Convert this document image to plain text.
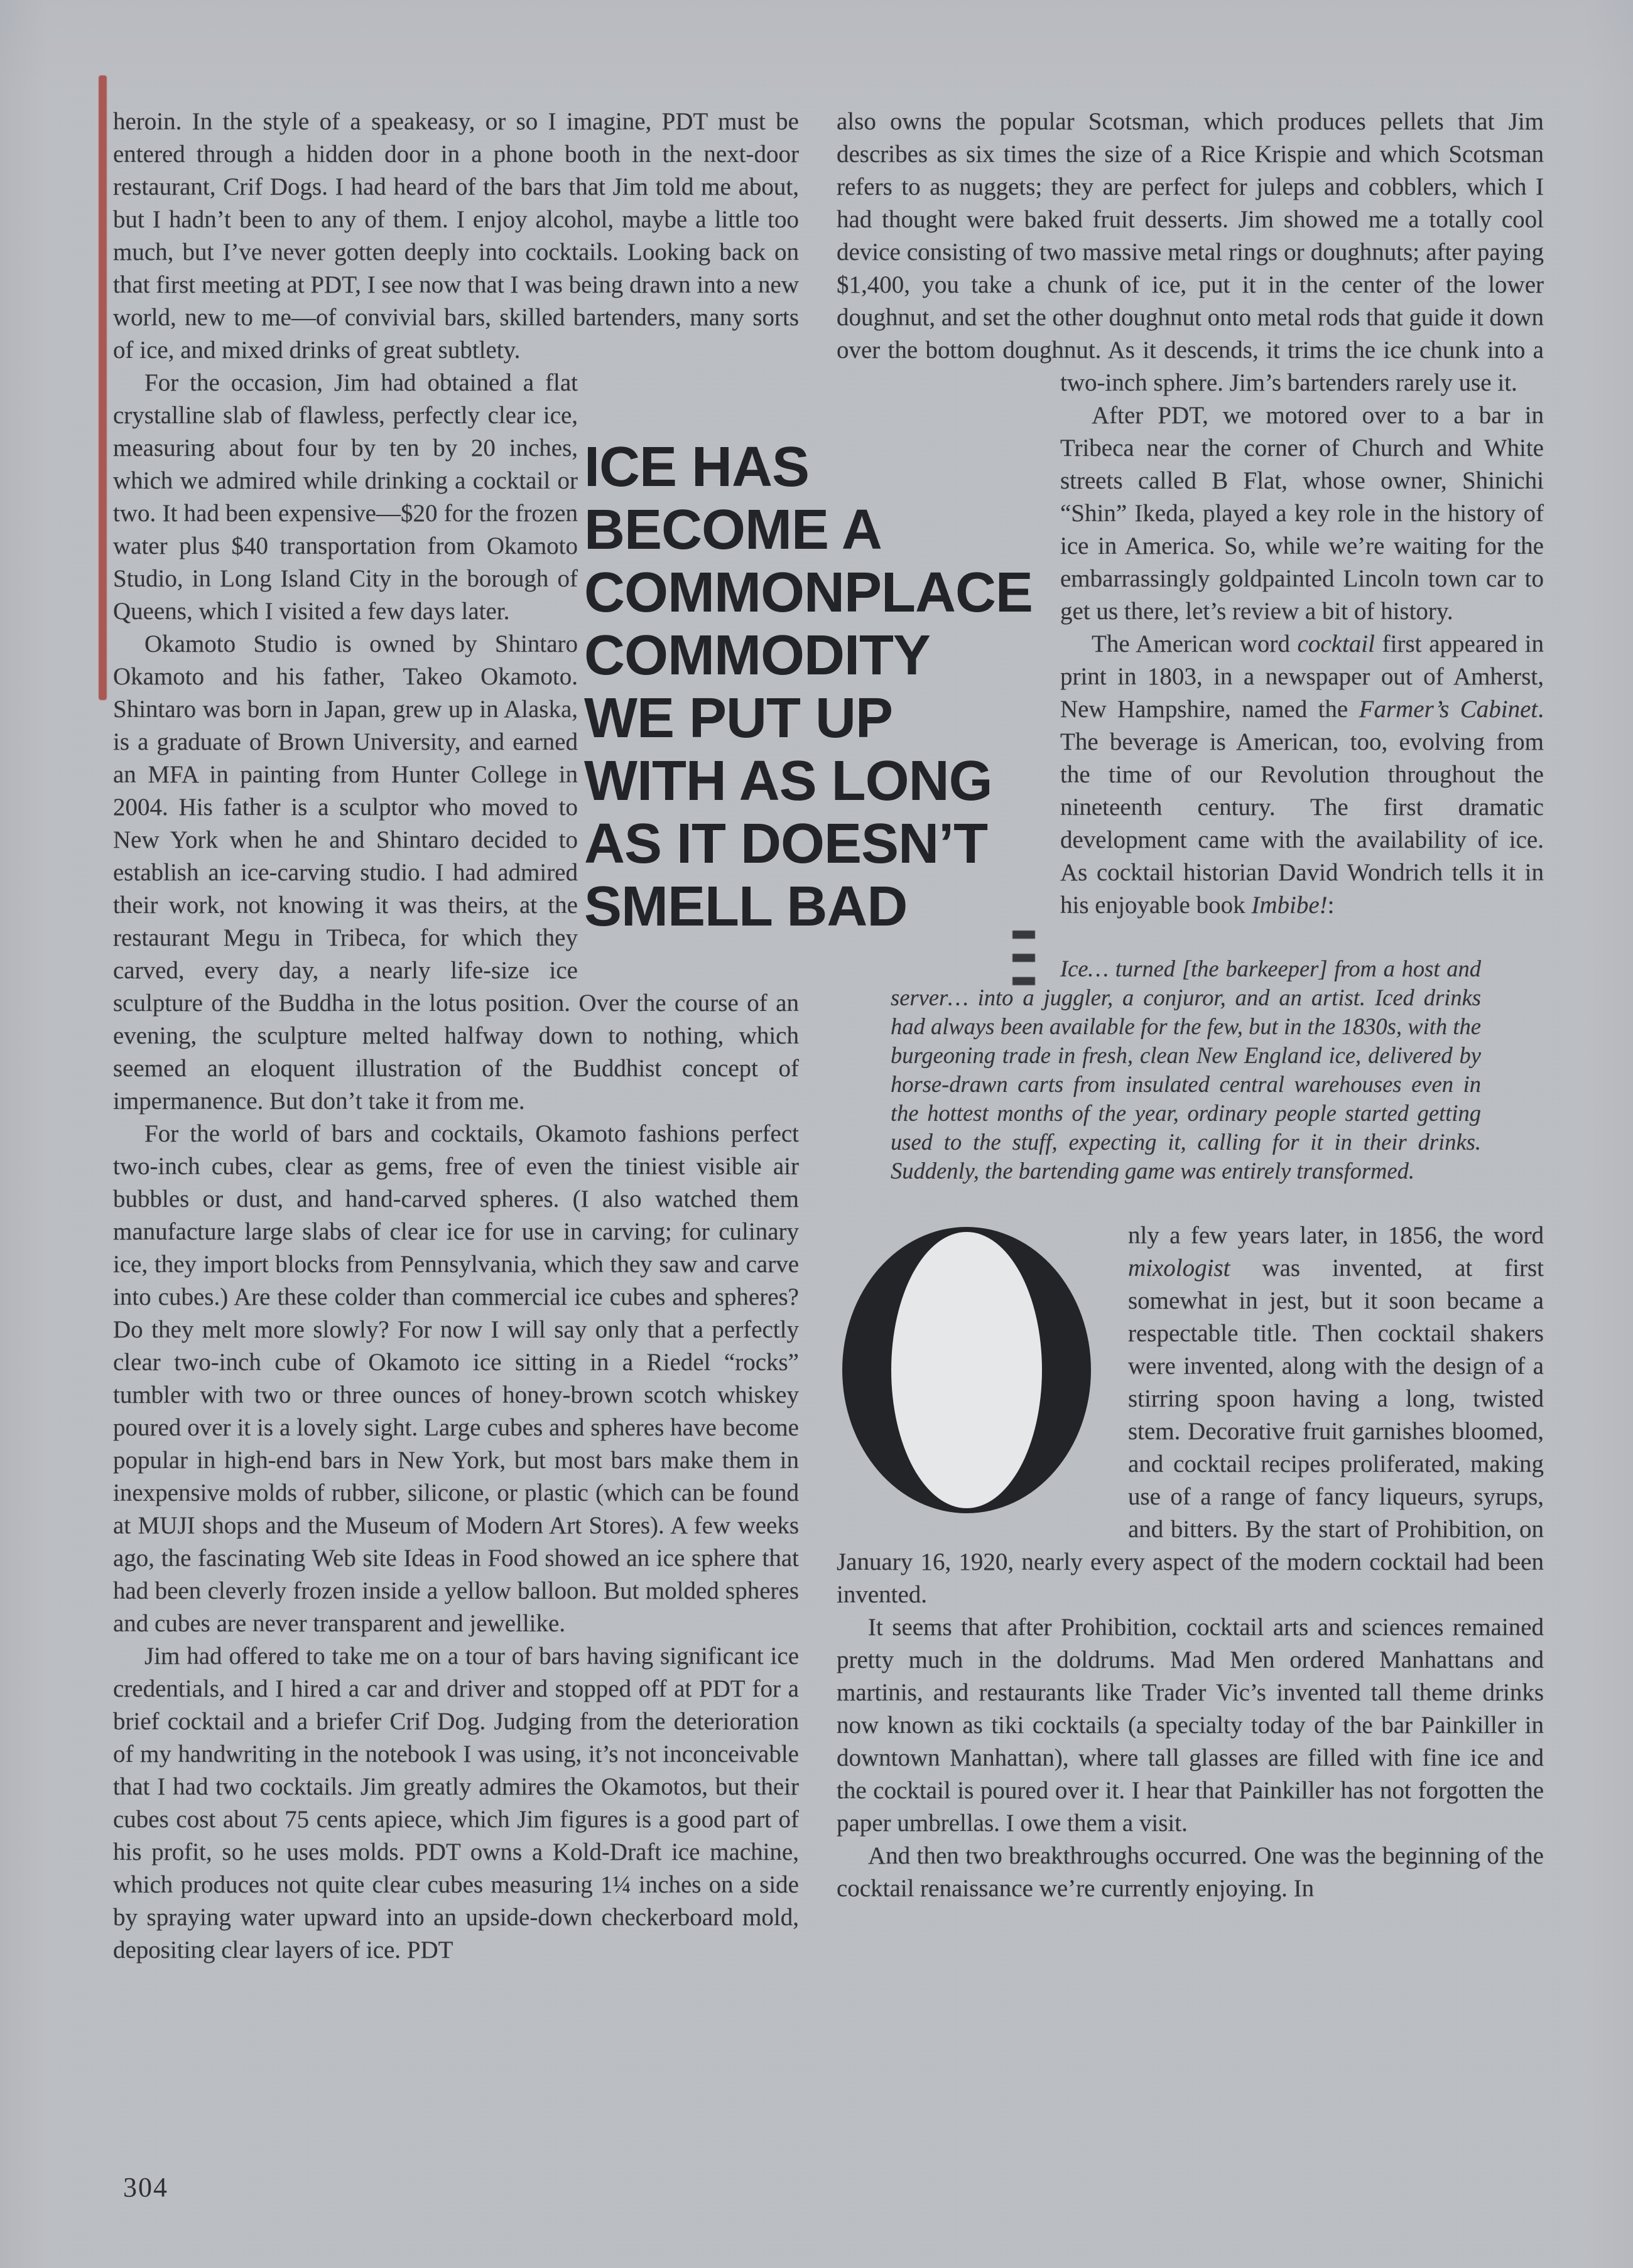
heroin. In the style of a speakeasy, or so I imagine, PDT must be entered through a hidden door in a phone booth in the next-door restaurant, Crif Dogs. I had heard of the bars that Jim told me about, but I hadn’t been to any of them. I enjoy alcohol, maybe a little too much, but I’ve never gotten deeply into cocktails. Looking back on that first meeting at PDT, I see now that I was being drawn into a new world, new to me—of convivial bars, skilled bartenders, many sorts of ice, and mixed drinks of great subtlety.

For the occasion, Jim had obtained a flat crystalline slab of flawless, perfectly clear ice, measuring about four by ten by 20 inches, which we admired while drinking a cocktail or two. It had been expensive—$20 for the frozen water plus $40 transportation from Okamoto Studio, in Long Island City in the borough of Queens, which I visited a few days later.

Okamoto Studio is owned by Shintaro Okamoto and his father, Takeo Okamoto. Shintaro was born in Japan, grew up in Alaska, is a graduate of Brown University, and earned an MFA in painting from Hunter College in 2004. His father is a sculptor who moved to New York when he and Shintaro decided to establish an ice-carving studio. I had admired their work, not knowing it was theirs, at the restaurant Megu in Tribeca, for which they carved, every day, a nearly life-size ice sculpture of the Buddha in the lotus position. Over the course of an evening, the sculpture melted halfway down to nothing, which seemed an eloquent illustration of the Buddhist concept of impermanence. But don’t take it from me.

For the world of bars and cocktails, Okamoto fashions perfect two-inch cubes, clear as gems, free of even the tiniest visible air bubbles or dust, and hand-carved spheres. (I also watched them manufacture large slabs of clear ice for use in carving; for culinary ice, they import blocks from Pennsylvania, which they saw and carve into cubes.) Are these colder than commercial ice cubes and spheres? Do they melt more slowly? For now I will say only that a perfectly clear two-inch cube of Okamoto ice sitting in a Riedel “rocks” tumbler with two or three ounces of honey-brown scotch whiskey poured over it is a lovely sight. Large cubes and spheres have become popular in high-end bars in New York, but most bars make them in inexpensive molds of rubber, silicone, or plastic (which can be found at MUJI shops and the Museum of Modern Art Stores). A few weeks ago, the fascinating Web site Ideas in Food showed an ice sphere that had been cleverly frozen inside a yellow balloon. But molded spheres and cubes are never transparent and jewellike.

Jim had offered to take me on a tour of bars having significant ice credentials, and I hired a car and driver and stopped off at PDT for a brief cocktail and a briefer Crif Dog. Judging from the deterioration of my handwriting in the notebook I was using, it’s not inconceivable that I had two cocktails. Jim greatly admires the Okamotos, but their cubes cost about 75 cents apiece, which Jim figures is a good part of his profit, so he uses molds. PDT owns a Kold-Draft ice machine, which produces not quite clear cubes measuring 1¼ inches on a side by spraying water upward into an upside-down checkerboard mold, depositing clear layers of ice. PDT

also owns the popular Scotsman, which produces pellets that Jim describes as six times the size of a Rice Krispie and which Scotsman refers to as nuggets; they are perfect for juleps and cobblers, which I had thought were baked fruit desserts. Jim showed me a totally cool device consisting of two massive metal rings or doughnuts; after paying $1,400, you take a chunk of ice, put it in the center of the lower doughnut, and set the other doughnut onto metal rods that guide it down over the bottom doughnut. As it descends, it trims
the ice chunk into a two-inch sphere. Jim’s bartenders rarely use it.

After PDT, we motored over to a bar in Tribeca near the corner of Church and White streets called B Flat, whose owner, Shinichi “Shin” Ikeda, played a key role in the history of ice in America. So, while we’re waiting for the embarrassingly goldpainted Lincoln town car to get us there, let’s review a bit of history.

The American word cocktail first appeared in print in 1803, in a newspaper out of Amherst, New Hampshire, named the Farmer’s Cabinet. The beverage is American, too, evolving from the time of our Revolution throughout the nineteenth century. The first dramatic development came with the availability of ice. As cocktail historian David Wondrich tells it in his enjoyable book Imbibe!:

Ice… turned [the barkeeper] from a host and server… into a juggler, a conjuror, and an artist. Iced drinks had always been available for the few, but in the 1830s, with the burgeoning trade in fresh, clean New England ice, delivered by horse-drawn carts from insulated central warehouses even in the hottest months of the year, ordinary people started getting used to the stuff, expecting it, calling for it in their drinks. Suddenly, the bartending game was entirely transformed.
nly a few years later, in 1856, the word mixologist was invented, at first somewhat in jest, but it soon became a respectable title. Then cocktail shakers were invented, along with the design of a stirring spoon having a long, twisted stem. Decorative fruit garnishes bloomed, and cocktail recipes proliferated, making use of a range of fancy liqueurs, syrups, and bitters. By the start of Prohibition, on January 16, 1920, nearly every aspect of the modern cocktail had been invented.

It seems that after Prohibition, cocktail arts and sciences remained pretty much in the doldrums. Mad Men ordered Manhattans and martinis, and restaurants like Trader Vic’s invented tall theme drinks now known as tiki cocktails (a specialty today of the bar Painkiller in downtown Manhattan), where tall glasses are filled with fine ice and the cocktail is poured over it. I hear that Painkiller has not forgotten the paper umbrellas. I owe them a visit.

And then two breakthroughs occurred. One was the beginning of the cocktail renaissance we’re currently enjoying. In

ICE HAS
BECOME A
COMMONPLACE
COMMODITY
WE PUT UP
WITH AS LONG
AS IT DOESN’T
SMELL BAD
304
